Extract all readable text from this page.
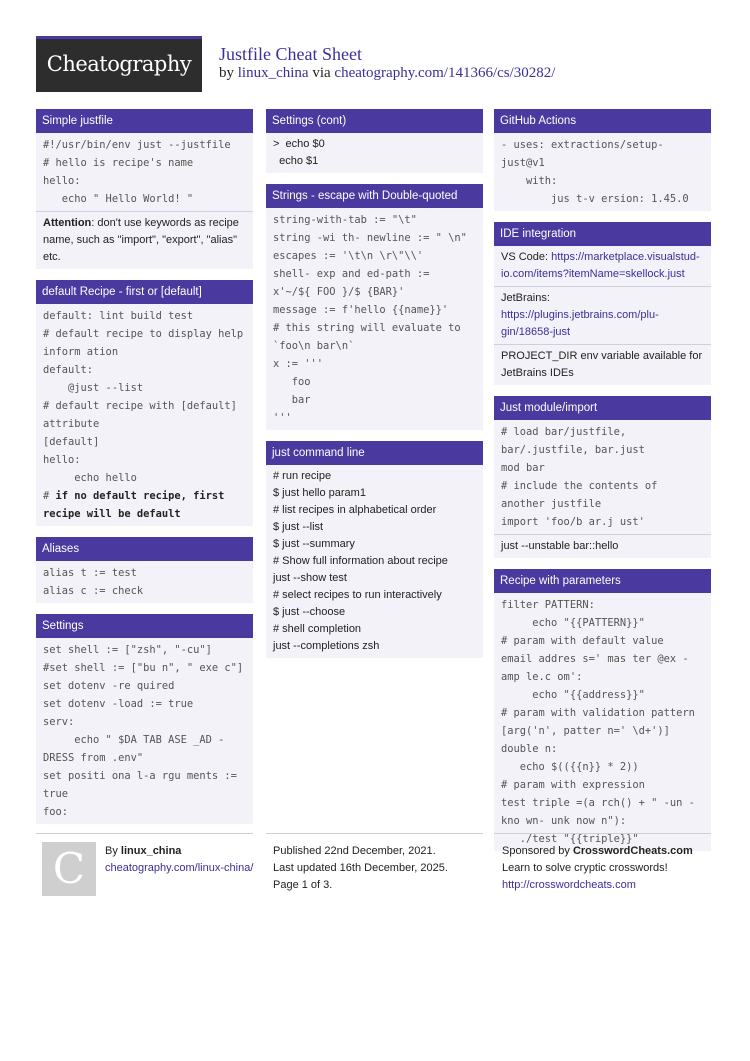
Cheatography	Justfile Cheat Sheet
by linux_china via cheatography.com/141366/cs/30282/
Simple justfile
#!/usr/bin/env just --justfile
# hello is recipe's name
hello:
echo " Hello World! "
Attention: don't use keywords as recipe name, such as "import", "export", "alias" etc.
default Recipe - first or [default]
default: lint build test
# default recipe to display help
inform ation
default:
@just --list
# default recipe with [default]
attribute
[default]
hello:
echo hello
# if no default recipe, first
recipe will be default
Aliases
alias t := test
alias c := check
Settings
set shell := ["zsh", "-cu"]
#set shell := ["bu n", " exe c"]
set dotenv -re quired
set dotenv -load := true
serv:
echo " $DA TAB ASE _AD -
DRESS from .env"
set positi ona l-a rgu ments :=
true
foo:
Settings (cont)
>  echo $0
echo $1
Strings - escape with Double-quoted
string-with-tab := "\t"
string -wi th- newline := " \n"
escapes := '\t\n \r\"\\'
shell- exp and ed-path :=
x'~/${ FOO }/$ {BAR}'
message := f'hello {{name}}'
# this string will evaluate to
`foo\n bar\n`
x := '''
foo
bar
'''
just command line
# run recipe
$ just hello param1
# list recipes in alphabetical order
$ just --list
$ just --summary
# Show full information about recipe
just --show test
# select recipes to run interactively
$ just --choose
# shell completion
just --completions zsh
GitHub Actions
- uses: extractions/setup-
just@v1
with:
jus t-v ersion: 1.45.0
IDE integration
VS Code: https://marketplace.visualstud-
io.com/items?itemName=skellock.just
JetBrains: https://plugins.jetbrains.com/plu-
gin/18658-just
PROJECT_DIR env variable available for
JetBrains IDEs
Just module/import
# load bar/justfile,
bar/.justfile, bar.just
mod bar
# include the contents of
another justfile
import 'foo/b ar.j ust'
just --unstable bar::hello
Recipe with parameters
filter PATTERN:
echo "{{PATTERN}}"
# param with default value
email addres s=' mas ter @ex -
amp le.c om':
echo "{{address}}"
# param with validation pattern
[arg('n', patter n=' \d+')]
double n:
echo $(({{n}} * 2))
# param with expression
test triple =(a rch() + " -un -
kno wn- unk now n"):
./test "{{triple}}"
C	By linux_china
cheatography.com/linux-china/
Published 22nd December, 2021.
Last updated 16th December, 2025.
Page 1 of 3.
Sponsored by CrosswordCheats.com
Learn to solve cryptic crosswords!
http://crosswordcheats.com
